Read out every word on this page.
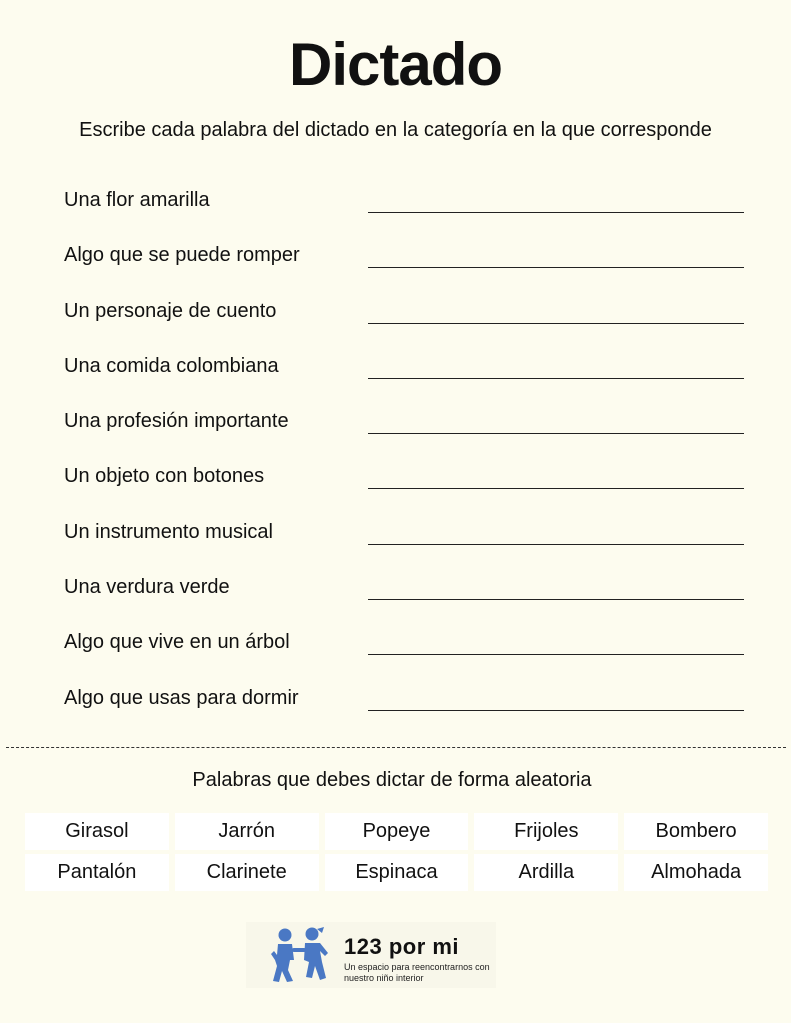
Dictado
Escribe cada palabra del dictado en la categoría en la que corresponde
Una flor amarilla
Algo que se puede romper
Un personaje de cuento
Una comida colombiana
Una profesión importante
Un objeto con botones
Un instrumento musical
Una verdura verde
Algo que vive en un árbol
Algo que usas para dormir
Palabras que debes dictar de forma aleatoria
Girasol	Jarrón	Popeye	Frijoles	Bombero
Pantalón	Clarinete	Espinaca	Ardilla	Almohada
123 por mi
Un espacio para reencontrarnos con nuestro niño interior
